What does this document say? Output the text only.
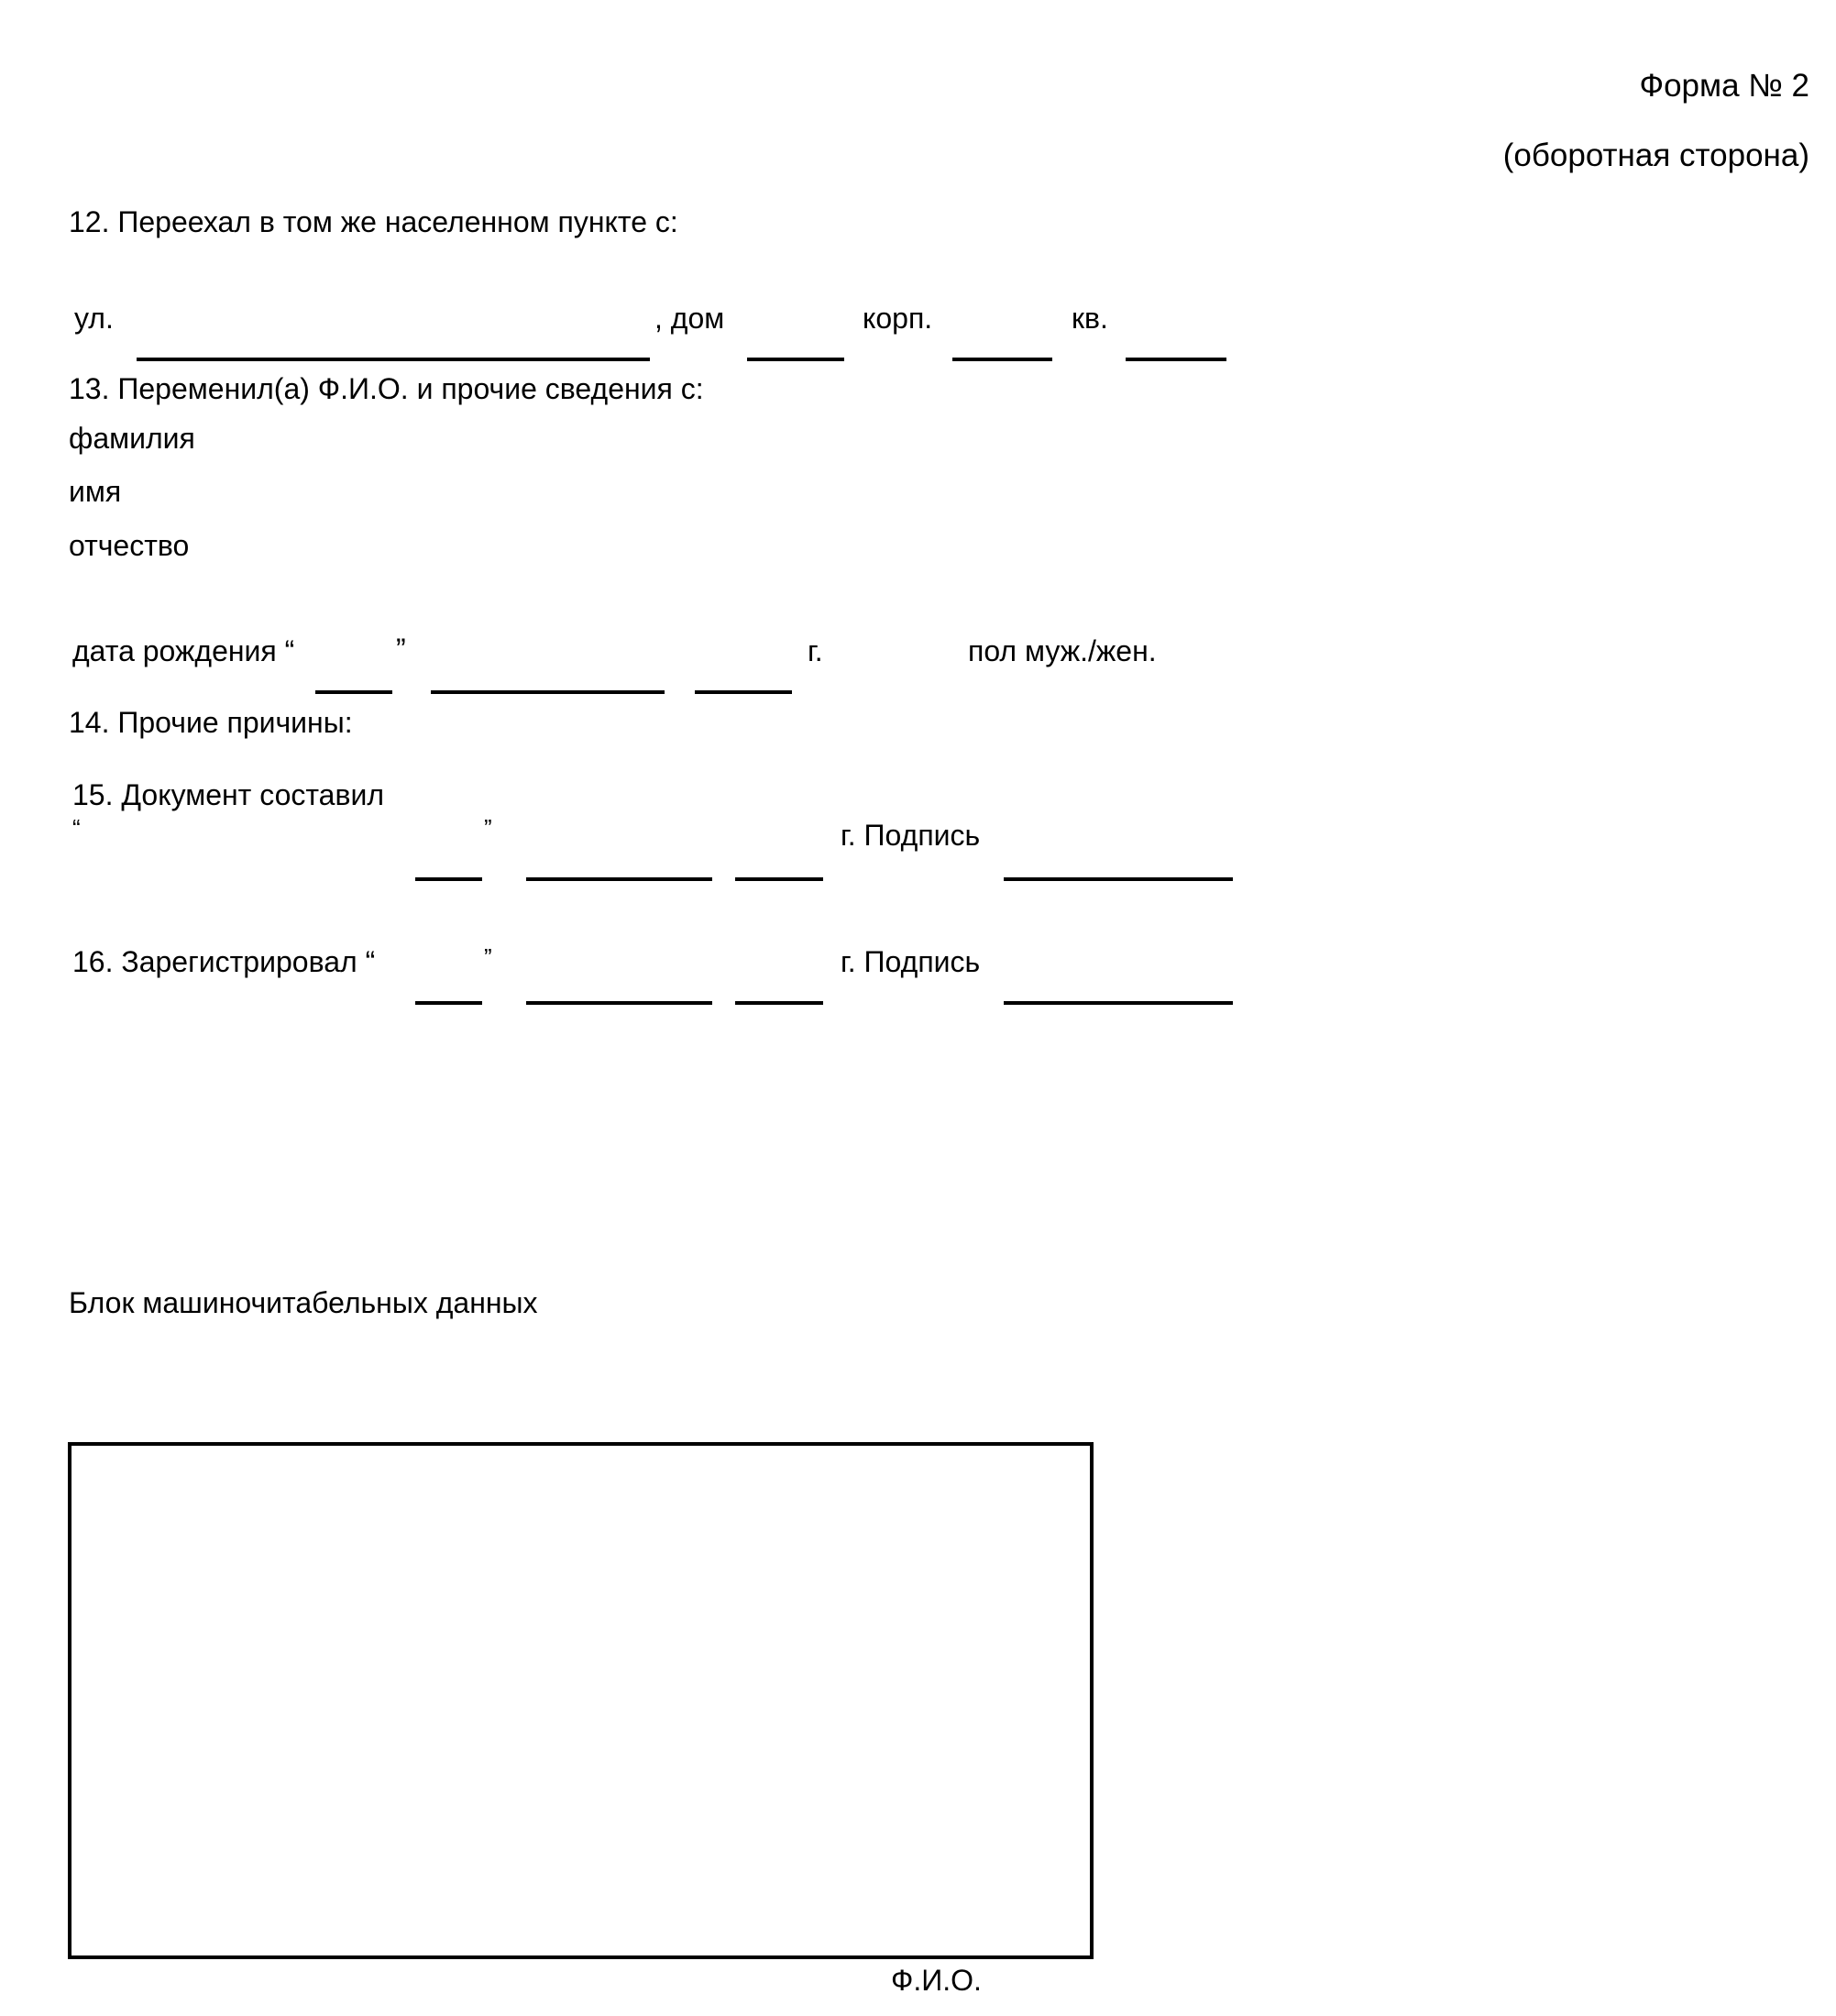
Форма № 2
(оборотная сторона)
12. Переехал в том же населенном пункте с:
ул.	, дом	корп.	кв.
13. Переменил(а) Ф.И.О. и прочие сведения с:
фамилия
имя
отчество
дата рождения “	”	г.	пол муж./жен.
14. Прочие причины:
15. Документ составил
“	”	г. Подпись
16. Зарегистрировал “	”	г. Подпись
Блок машиночитабельных данных
Ф.И.О.
